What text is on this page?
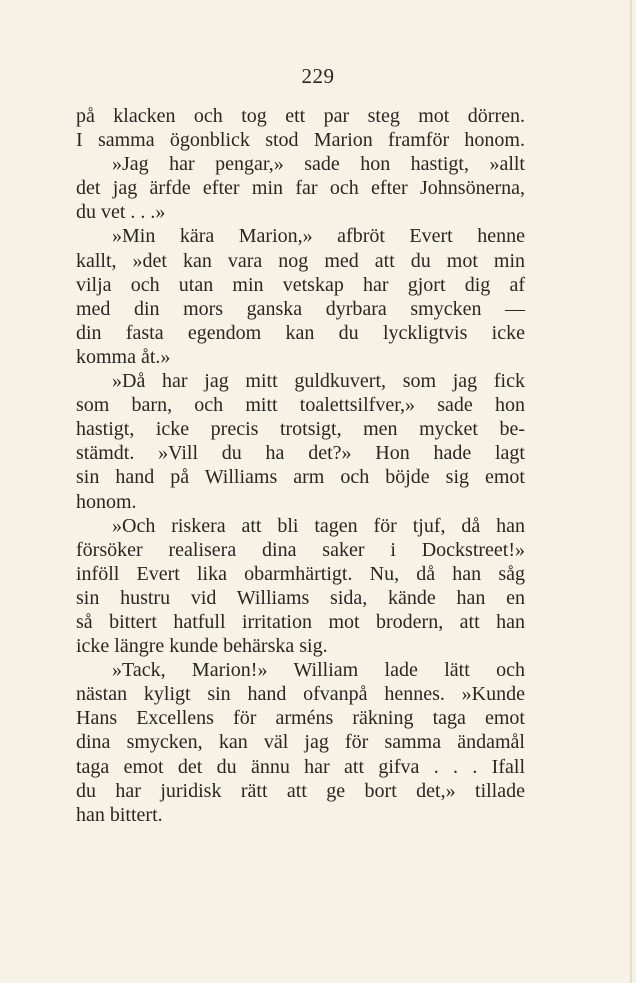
229
på klacken och tog ett par steg mot dörren.
I samma ögonblick stod Marion framför honom.
»Jag har pengar,» sade hon hastigt, »allt
det jag ärfde efter min far och efter Johnsönerna,
du vet . . .»
»Min kära Marion,» afbröt Evert henne
kallt, »det kan vara nog med att du mot min
vilja och utan min vetskap har gjort dig af
med din mors ganska dyrbara smycken —
din fasta egendom kan du lyckligtvis icke
komma åt.»
»Då har jag mitt guldkuvert, som jag fick
som barn, och mitt toalettsilfver,» sade hon
hastigt, icke precis trotsigt, men mycket be-
stämdt. »Vill du ha det?» Hon hade lagt
sin hand på Williams arm och böjde sig emot
honom.
»Och riskera att bli tagen för tjuf, då han
försöker realisera dina saker i Dockstreet!»
inföll Evert lika obarmhärtigt. Nu, då han såg
sin hustru vid Williams sida, kände han en
så bittert hatfull irritation mot brodern, att han
icke längre kunde behärska sig.
»Tack, Marion!» William lade lätt och
nästan kyligt sin hand ofvanpå hennes. »Kunde
Hans Excellens för arméns räkning taga emot
dina smycken, kan väl jag för samma ändamål
taga emot det du ännu har att gifva . . . Ifall
du har juridisk rätt att ge bort det,» tillade
han bittert.
